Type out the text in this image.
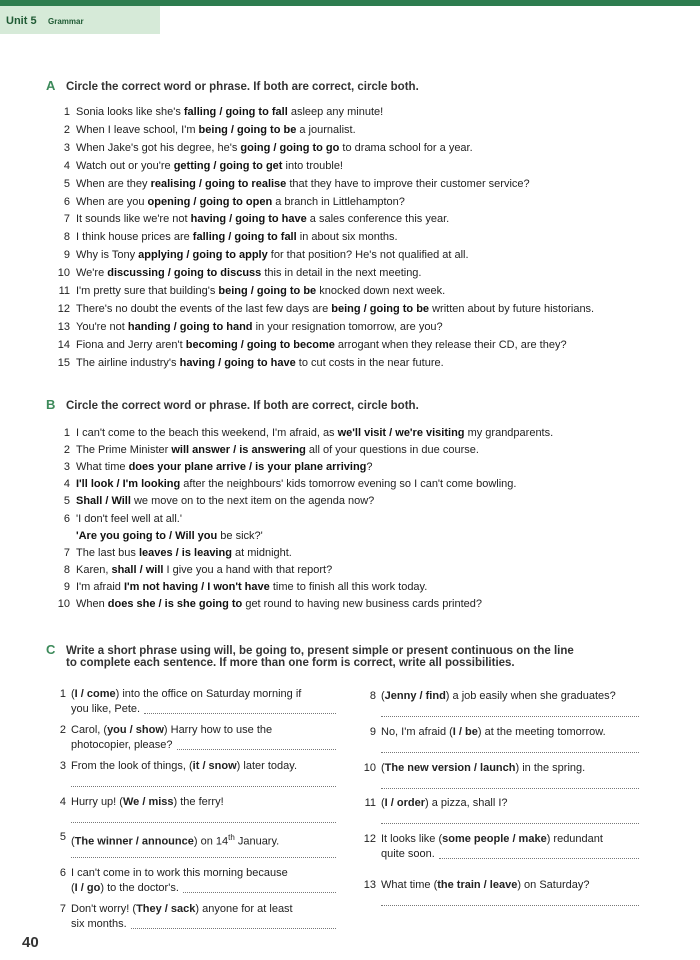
Unit 5 Grammar
A Circle the correct word or phrase. If both are correct, circle both.
1 Sonia looks like she's falling / going to fall asleep any minute!
2 When I leave school, I'm being / going to be a journalist.
3 When Jake's got his degree, he's going / going to go to drama school for a year.
4 Watch out or you're getting / going to get into trouble!
5 When are they realising / going to realise that they have to improve their customer service?
6 When are you opening / going to open a branch in Littlehampton?
7 It sounds like we're not having / going to have a sales conference this year.
8 I think house prices are falling / going to fall in about six months.
9 Why is Tony applying / going to apply for that position? He's not qualified at all.
10 We're discussing / going to discuss this in detail in the next meeting.
11 I'm pretty sure that building's being / going to be knocked down next week.
12 There's no doubt the events of the last few days are being / going to be written about by future historians.
13 You're not handing / going to hand in your resignation tomorrow, are you?
14 Fiona and Jerry aren't becoming / going to become arrogant when they release their CD, are they?
15 The airline industry's having / going to have to cut costs in the near future.
B Circle the correct word or phrase. If both are correct, circle both.
1 I can't come to the beach this weekend, I'm afraid, as we'll visit / we're visiting my grandparents.
2 The Prime Minister will answer / is answering all of your questions in due course.
3 What time does your plane arrive / is your plane arriving?
4 I'll look / I'm looking after the neighbours' kids tomorrow evening so I can't come bowling.
5 Shall / Will we move on to the next item on the agenda now?
6 'I don't feel well at all.'
'Are you going to / Will you be sick?'
7 The last bus leaves / is leaving at midnight.
8 Karen, shall / will I give you a hand with that report?
9 I'm afraid I'm not having / I won't have time to finish all this work today.
10 When does she / is she going to get round to having new business cards printed?
C Write a short phrase using will, be going to, present simple or present continuous on the line
to complete each sentence. If more than one form is correct, write all possibilities.
1 (I / come) into the office on Saturday morning if
you like, Pete.
2 Carol, (you / show) Harry how to use the
photocopier, please?
3 From the look of things, (it / snow) later today.
4 Hurry up! (We / miss) the ferry!
5 (The winner / announce) on 14th January.
6 I can't come in to work this morning because
(I / go) to the doctor's.
7 Don't worry! (They / sack) anyone for at least
six months.
8 (Jenny / find) a job easily when she graduates?
9 No, I'm afraid (I / be) at the meeting tomorrow.
10 (The new version / launch) in the spring.
11 (I / order) a pizza, shall I?
12 It looks like (some people / make) redundant
quite soon.
13 What time (the train / leave) on Saturday?
40
